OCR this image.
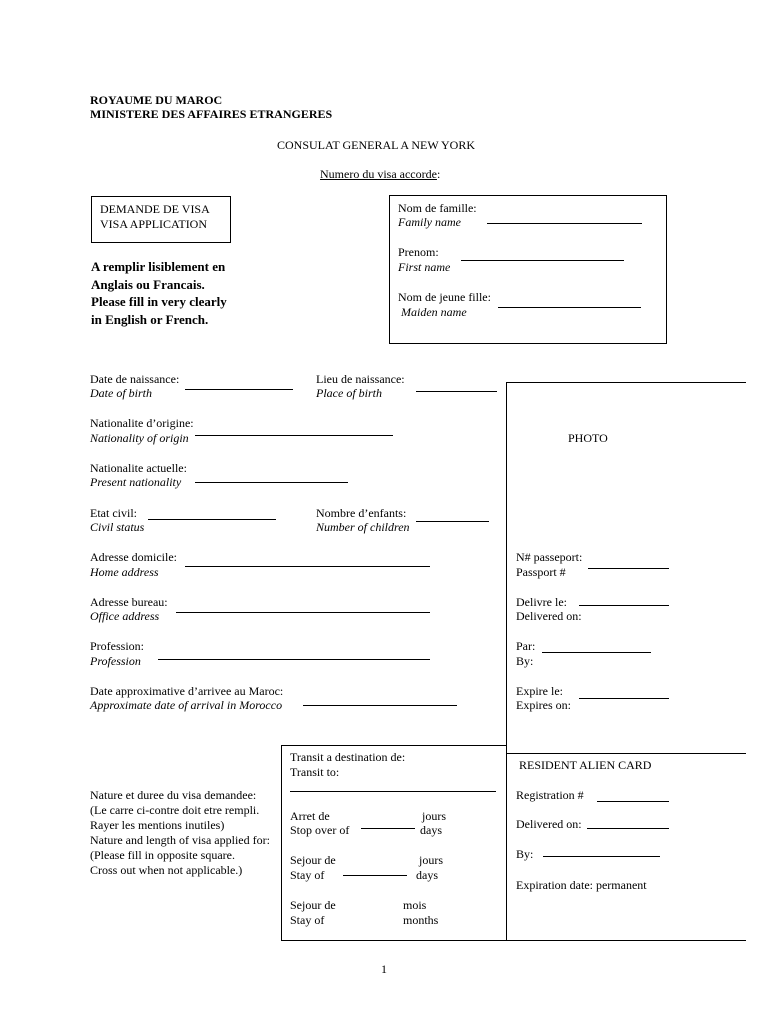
ROYAUME DU MAROC
MINISTERE DES AFFAIRES ETRANGERES
CONSULAT GENERAL A NEW YORK
Numero du visa accorde:
DEMANDE DE VISA
VISA APPLICATION
A remplir lisiblement en
Anglais ou Francais.
Please fill in very clearly
in English or French.
Nom de famille:
Family name
Prenom:
First name
Nom de jeune fille:
Maiden name
PHOTO
Date de naissance:
Date of birth
Lieu de naissance:
Place of birth
Nationalite d’origine:
Nationality of origin
Nationalite actuelle:
Present nationality
Etat civil:
Civil status
Nombre d’enfants:
Number of children
Adresse domicile:
Home address
Adresse bureau:
Office address
Profession:
Profession
Date approximative d’arrivee au Maroc:
Approximate date of arrival in Morocco
N# passeport:
Passport #
Delivre le:
Delivered on:
Par:
By:
Expire le:
Expires on:
Nature et duree du visa demandee:
(Le carre ci-contre doit etre rempli.
Rayer les mentions inutiles)
Nature and length of visa applied for:
(Please fill in opposite square.
Cross out when not applicable.)
Transit a destination de:
Transit to:
Arret de
Stop over of
jours
days
Sejour de
Stay of
jours
days
Sejour de
Stay of
mois
months
RESIDENT ALIEN CARD
Registration #
Delivered on:
By:
Expiration date: permanent
1
